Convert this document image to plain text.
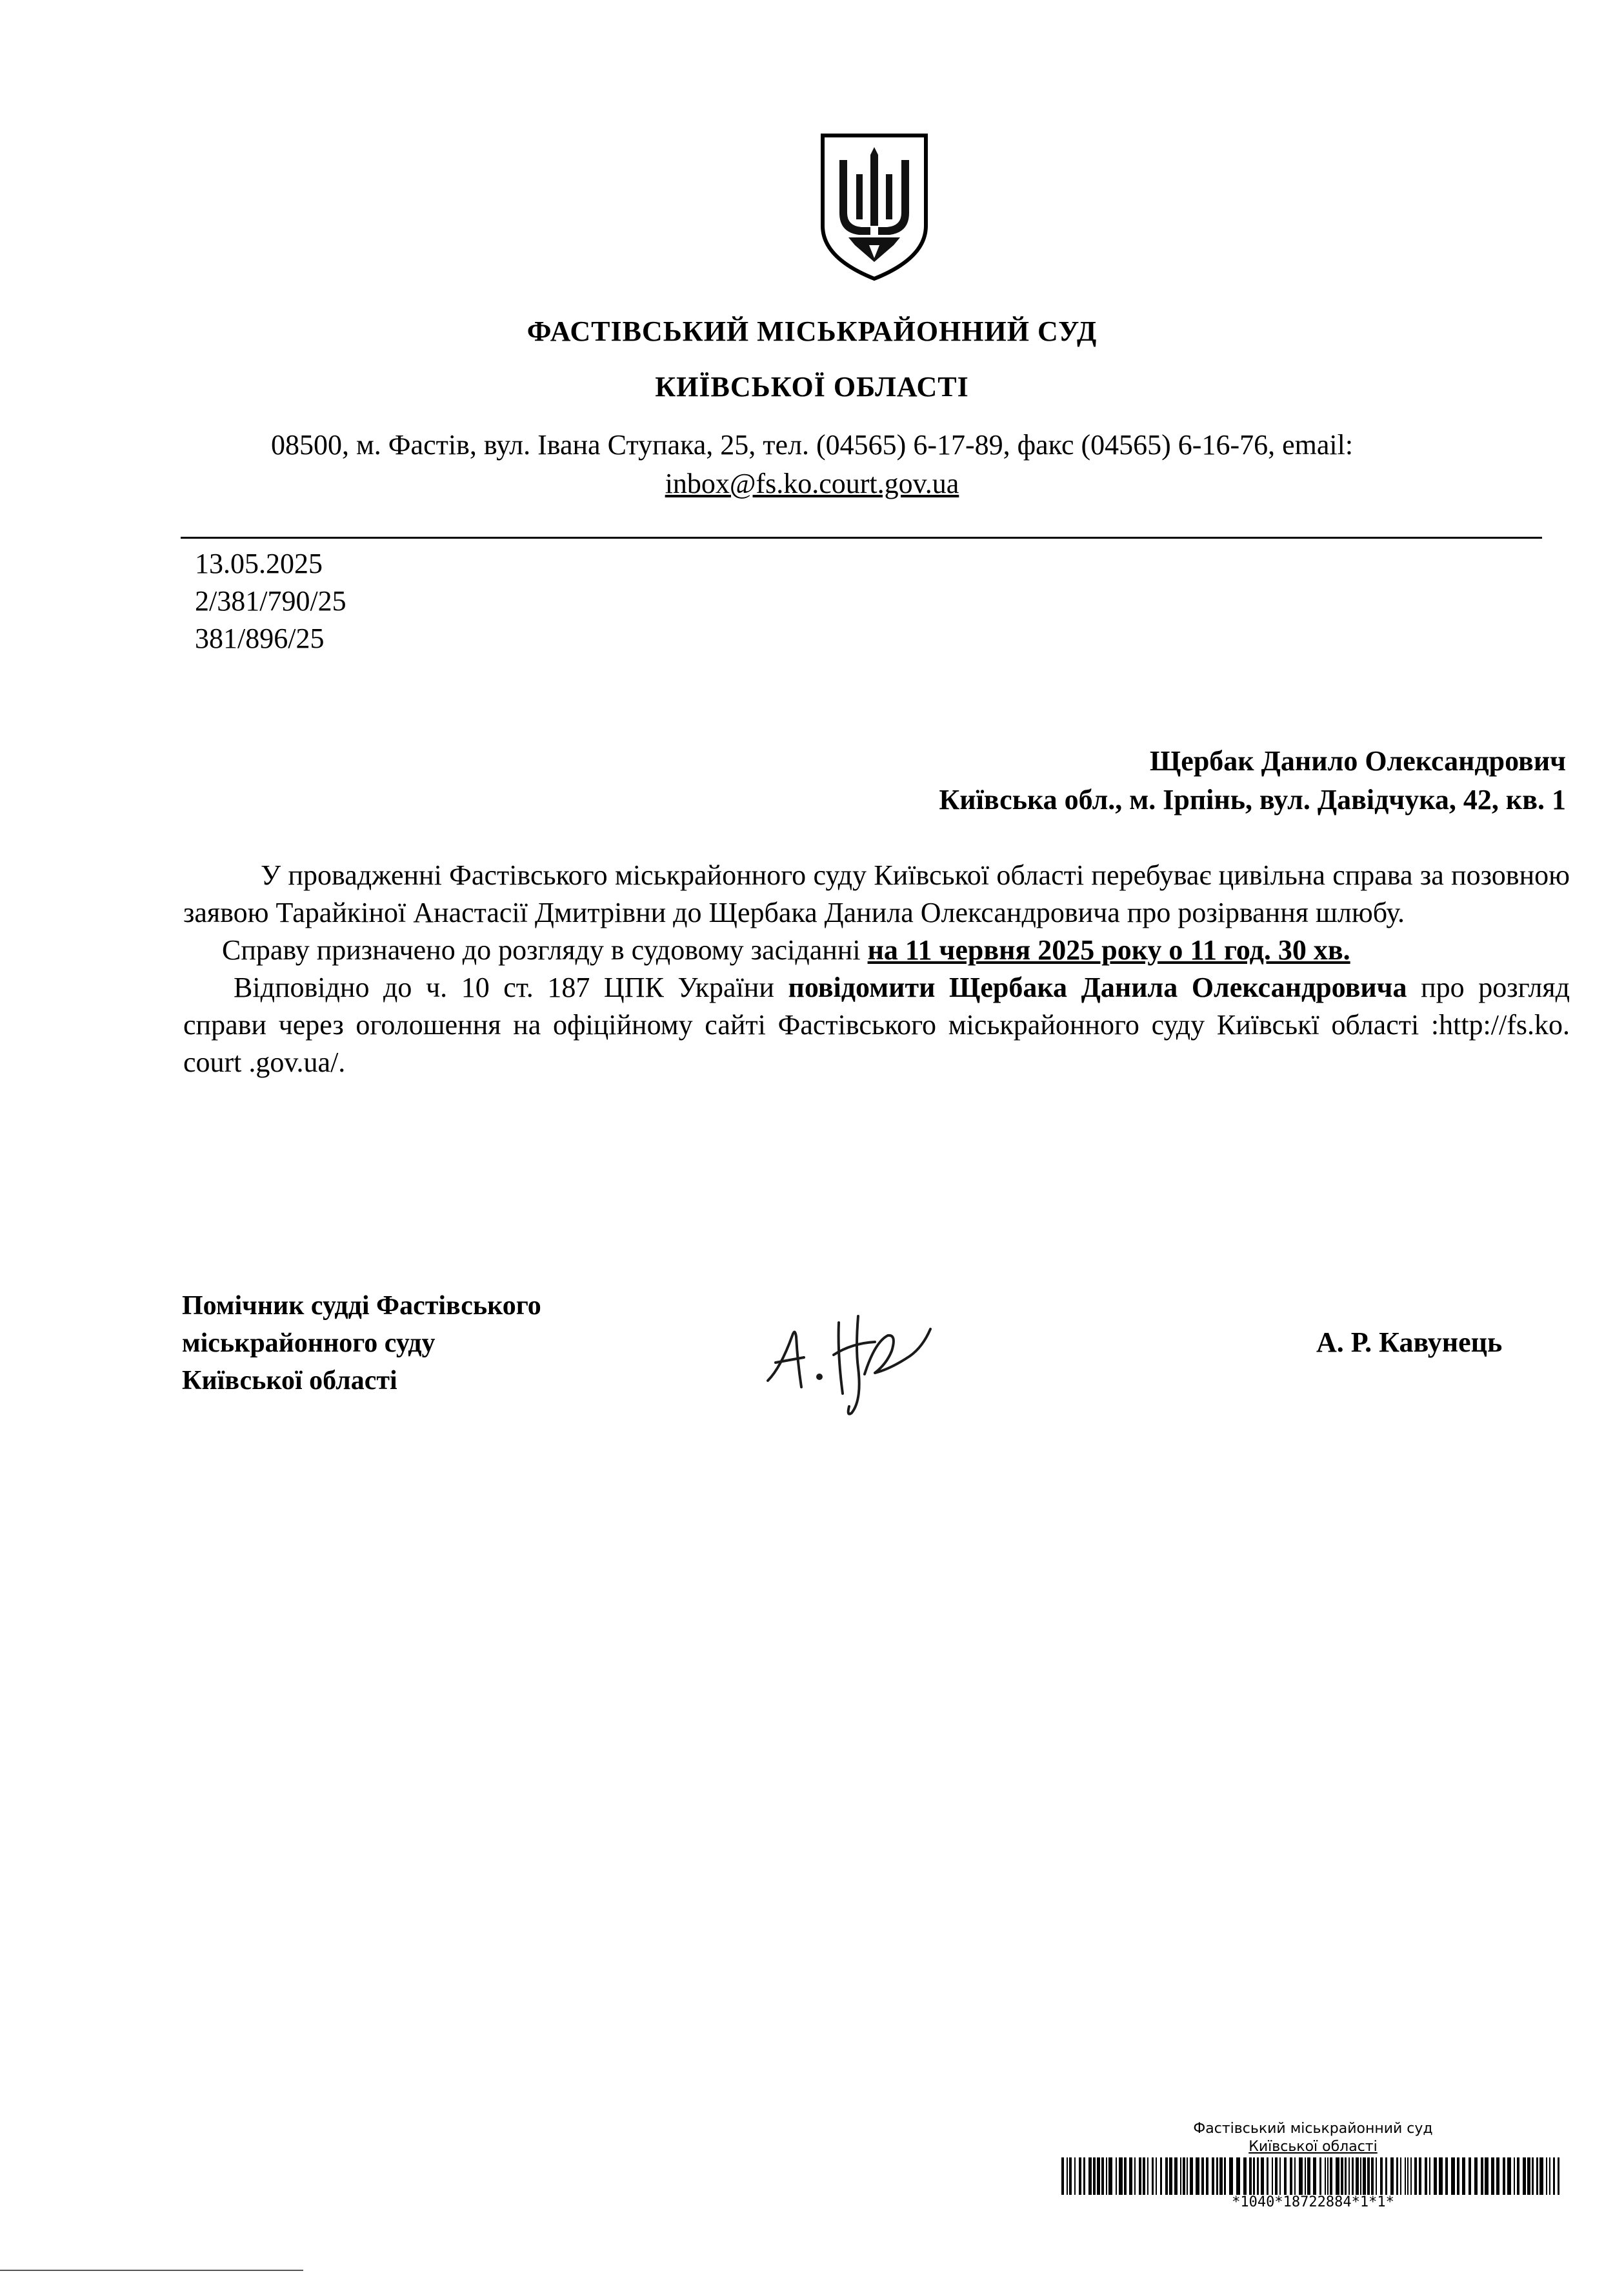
ФАСТІВСЬКИЙ МІСЬКРАЙОННИЙ СУД
КИЇВСЬКОЇ ОБЛАСТІ
08500, м. Фастів, вул. Івана Ступака, 25, тел. (04565) 6-17-89, факс (04565) 6-16-76, email:
inbox@fs.ko.court.gov.ua
13.05.2025
2/381/790/25
381/896/25
Щербак Данило Олександрович
Київська обл., м. Ірпінь, вул. Давідчука, 42, кв. 1

У провадженні Фастівського міськрайонного суду Київської області перебуває цивільна справа за позовною заявою Тарайкіної Анастасії Дмитрівни до Щербака Данила Олександровича про розірвання шлюбу.

Справу призначено до розгляду в судовому засіданні на 11 червня 2025 року о 11 год. 30 хв.

Відповідно до ч. 10 ст. 187 ЦПК України повідомити Щербака Данила Олександровича про розгляд справи через оголошення на офіційному сайті Фастівського міськрайонного суду Київськї області :http://fs.ko. court .gov.ua/.

Помічник судді Фастівського
міськрайонного суду
Київської області
А. Р. Кавунець
Фастівський міськрайонний суд
Київської області
*1040*18722884*1*1*
